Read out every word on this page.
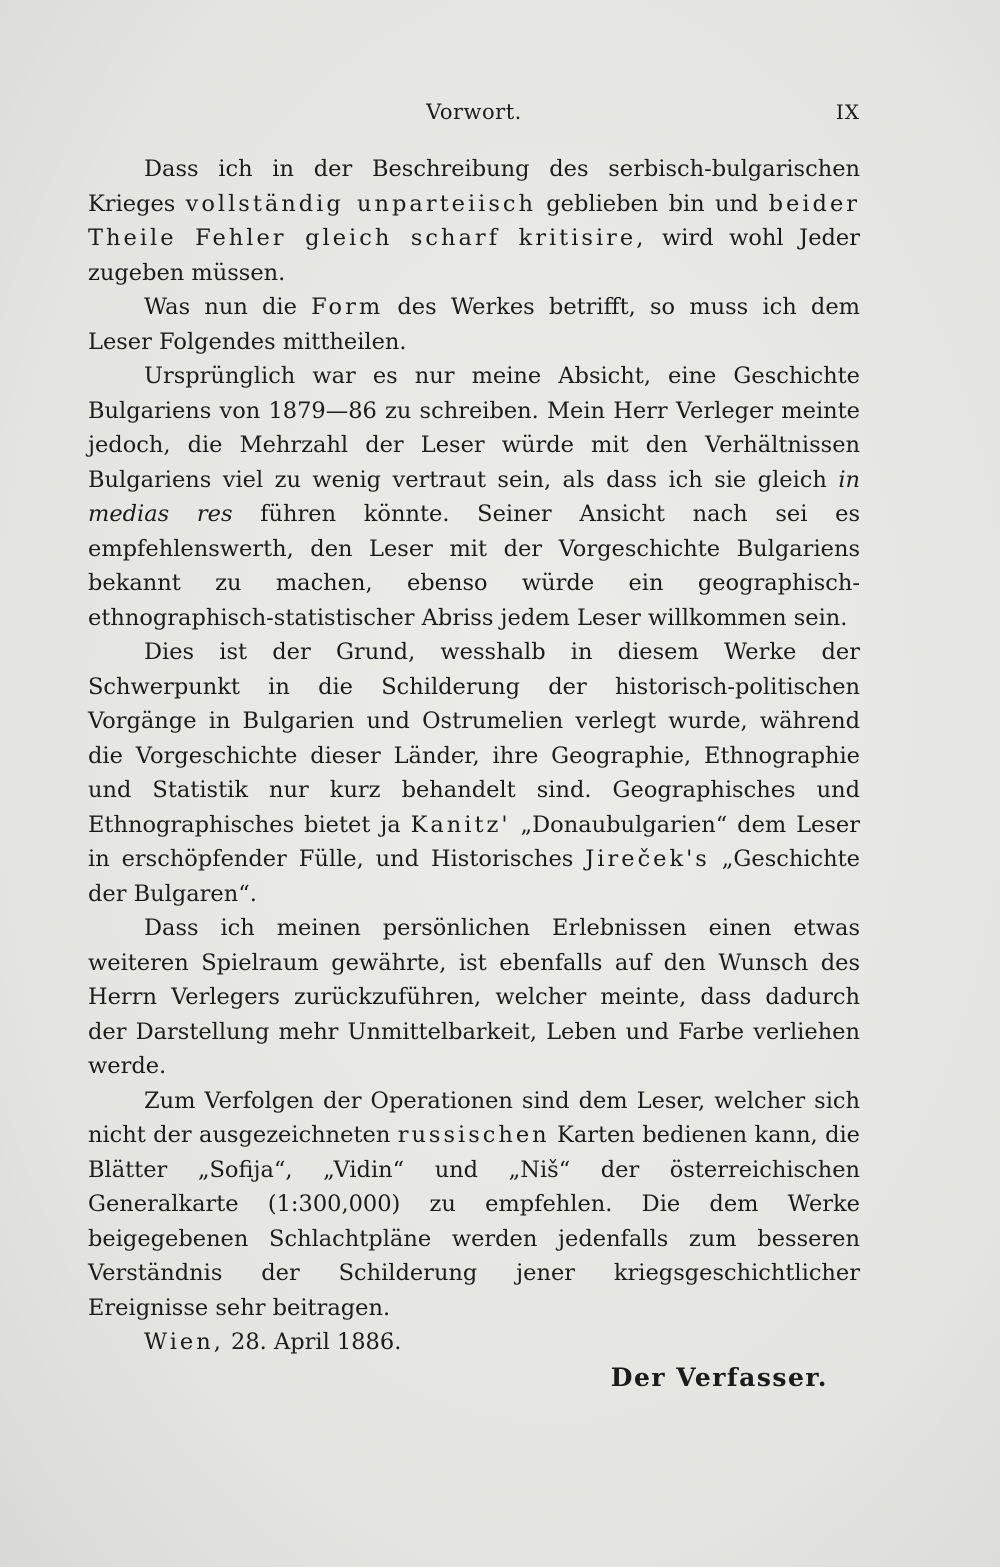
Vorwort.	IX

Dass ich in der Beschreibung des serbisch-bulgarischen Krieges vollständig unparteiisch geblieben bin und beider Theile Fehler gleich scharf kritisire, wird wohl Jeder zugeben müssen.

Was nun die Form des Werkes betrifft, so muss ich dem Leser Folgendes mittheilen.

Ursprünglich war es nur meine Absicht, eine Geschichte Bulgariens von 1879—86 zu schreiben. Mein Herr Verleger meinte jedoch, die Mehrzahl der Leser würde mit den Verhältnissen Bulgariens viel zu wenig vertraut sein, als dass ich sie gleich in medias res führen könnte. Seiner Ansicht nach sei es empfehlenswerth, den Leser mit der Vorgeschichte Bulgariens bekannt zu machen, ebenso würde ein geographisch-ethnographisch-statistischer Abriss jedem Leser willkommen sein.

Dies ist der Grund, wesshalb in diesem Werke der Schwerpunkt in die Schilderung der historisch-politischen Vorgänge in Bulgarien und Ostrumelien verlegt wurde, während die Vorgeschichte dieser Länder, ihre Geographie, Ethnographie und Statistik nur kurz behandelt sind. Geographisches und Ethnographisches bietet ja Kanitz' „Donaubulgarien“ dem Leser in erschöpfender Fülle, und Historisches Jireček's „Geschichte der Bulgaren“.

Dass ich meinen persönlichen Erlebnissen einen etwas weiteren Spielraum gewährte, ist ebenfalls auf den Wunsch des Herrn Verlegers zurückzuführen, welcher meinte, dass dadurch der Darstellung mehr Unmittelbarkeit, Leben und Farbe verliehen werde.

Zum Verfolgen der Operationen sind dem Leser, welcher sich nicht der ausgezeichneten russischen Karten bedienen kann, die Blätter „Sofija“, „Vidin“ und „Niš“ der österreichischen Generalkarte (1:300,000) zu empfehlen. Die dem Werke beigegebenen Schlachtpläne werden jedenfalls zum besseren Verständnis der Schilderung jener kriegsgeschichtlicher Ereignisse sehr beitragen.

Wien, 28. April 1886.

Der Verfasser.
